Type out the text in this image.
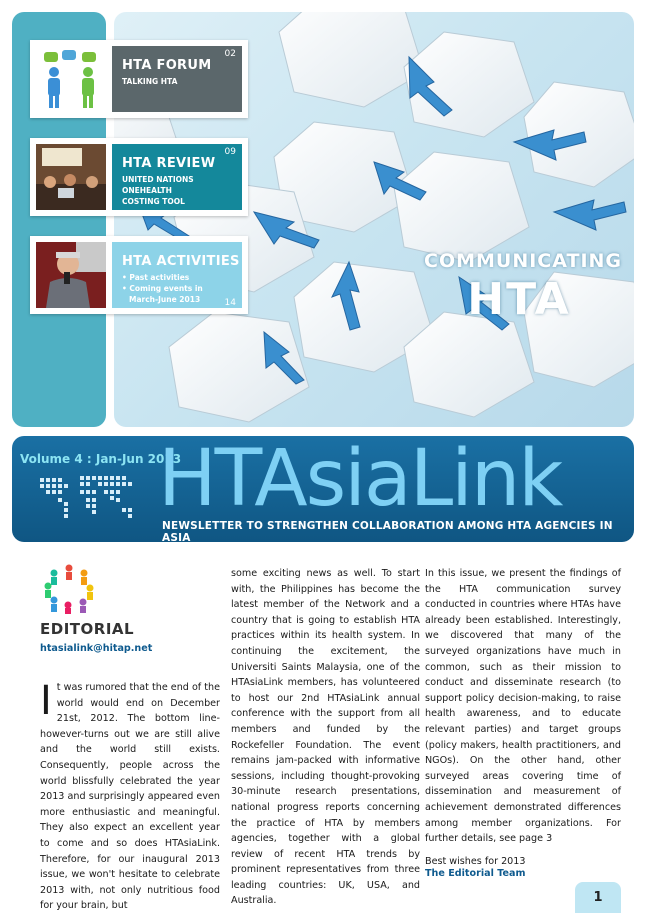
COMMUNICATING
HTA
HTA FORUM
TALKING HTA
02
HTA REVIEW
UNITED NATIONS
ONEHEALTH
COSTING TOOL
09
HTA ACTIVITIES
• Past activities
• Coming events in March-June 2013	14
Volume 4 : Jan-Jun 2013
HTAsiaLink
NEWSLETTER TO STRENGTHEN COLLABORATION AMONG HTA AGENCIES IN ASIA
EDITORIAL
htasialink@hitap.net
It was rumored that the end of the world would end on December 21st, 2012. The bottom line-however-turns out we are still alive and the world still exists. Consequently, people across the world blissfully celebrated the year 2013 and surprisingly appeared even more enthusiastic and meaningful. They also expect an excellent year to come and so does HTAsiaLink. Therefore, for our inaugural 2013 issue, we won't hesitate to celebrate 2013 with, not only nutritious food for your brain, but
some exciting news as well. To start with, the Philippines has become the latest member of the Network and a country that is going to establish HTA practices within its health system. In continuing the excitement, the Universiti Saints Malaysia, one of the HTAsiaLink members, has volunteered to host our 2nd HTAsiaLink annual conference with the support from all members and funded by the Rockefeller Foundation. The event remains jam-packed with informative sessions, including thought-provoking 30-minute research presentations, national progress reports concerning the practice of HTA by members agencies, together with a global review of recent HTA trends by prominent representatives from three leading countries: UK, USA, and Australia.
In this issue, we present the findings of the HTA communication survey conducted in countries where HTAs have already been established. Interestingly, we discovered that many of the surveyed organizations have much in common, such as their mission to conduct and disseminate research (to support policy decision-making, to raise health awareness, and to educate relevant parties) and target groups (policy makers, health practitioners, and NGOs). On the other hand, other surveyed areas covering time of dissemination and measurement of achievement demonstrated differences among member organizations. For further details, see page 3
Best wishes for 2013
The Editorial Team
1
